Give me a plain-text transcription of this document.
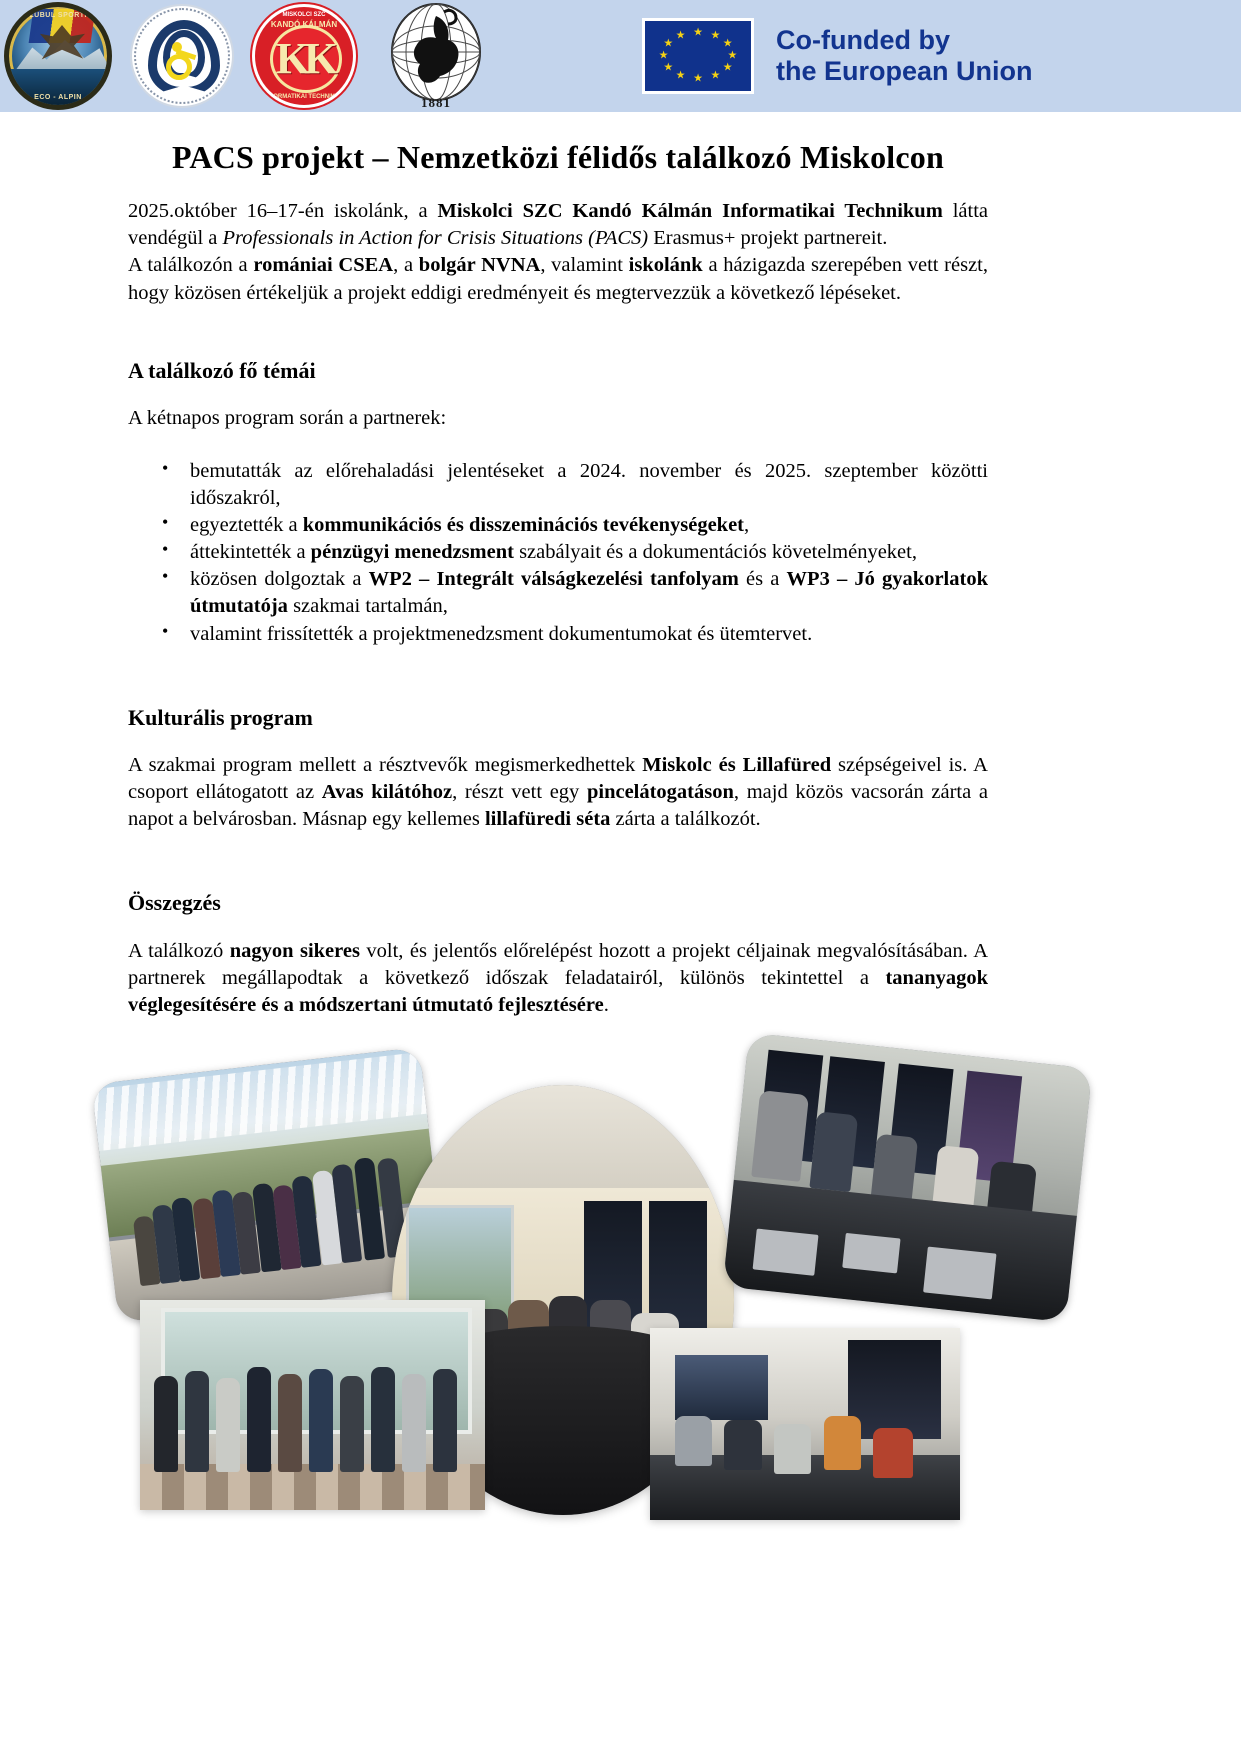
CLUBUL SPORTIV
ECO - ALPIN
MISKOLCI SZC
KANDÓ KÁLMÁN
KK
INFORMATIKAI TECHNIKUM	1881
★ ★
★
★
★
★
★
★
★
★
★
★	Co-funded by
the European Union
PACS projekt – Nemzetközi félidős találkozó Miskolcon

2025.október 16–17-én iskolánk, a Miskolci SZC Kandó Kálmán Informatikai Technikum látta vendégül a Professionals in Action for Crisis Situations (PACS) Erasmus+ projekt partnereit.

A találkozón a romániai CSEA, a bolgár NVNA, valamint iskolánk a házigazda szerepében vett részt, hogy közösen értékeljük a projekt eddigi eredményeit és megtervezzük a következő lépéseket.

A találkozó fő témái

A kétnapos program során a partnerek:

• bemutatták az előrehaladási jelentéseket a 2024. november és 2025. szeptember közötti időszakról,
• egyeztették a kommunikációs és disszeminációs tevékenységeket,
• áttekintették a pénzügyi menedzsment szabályait és a dokumentációs követelményeket,
• közösen dolgoztak a WP2 – Integrált válságkezelési tanfolyam és a WP3 – Jó gyakorlatok útmutatója szakmai tartalmán,
• valamint frissítették a projektmenedzsment dokumentumokat és ütemtervet.
Kulturális program

A szakmai program mellett a résztvevők megismerkedhettek Miskolc és Lillafüred szépségeivel is. A csoport ellátogatott az Avas kilátóhoz, részt vett egy pincelátogatáson, majd közös vacsorán zárta a napot a belvárosban. Másnap egy kellemes lillafüredi séta zárta a találkozót.

Összegzés

A találkozó nagyon sikeres volt, és jelentős előrelépést hozott a projekt céljainak megvalósításában. A partnerek megállapodtak a következő időszak feladatairól, különös tekintettel a tananyagok véglegesítésére és a módszertani útmutató fejlesztésére.
